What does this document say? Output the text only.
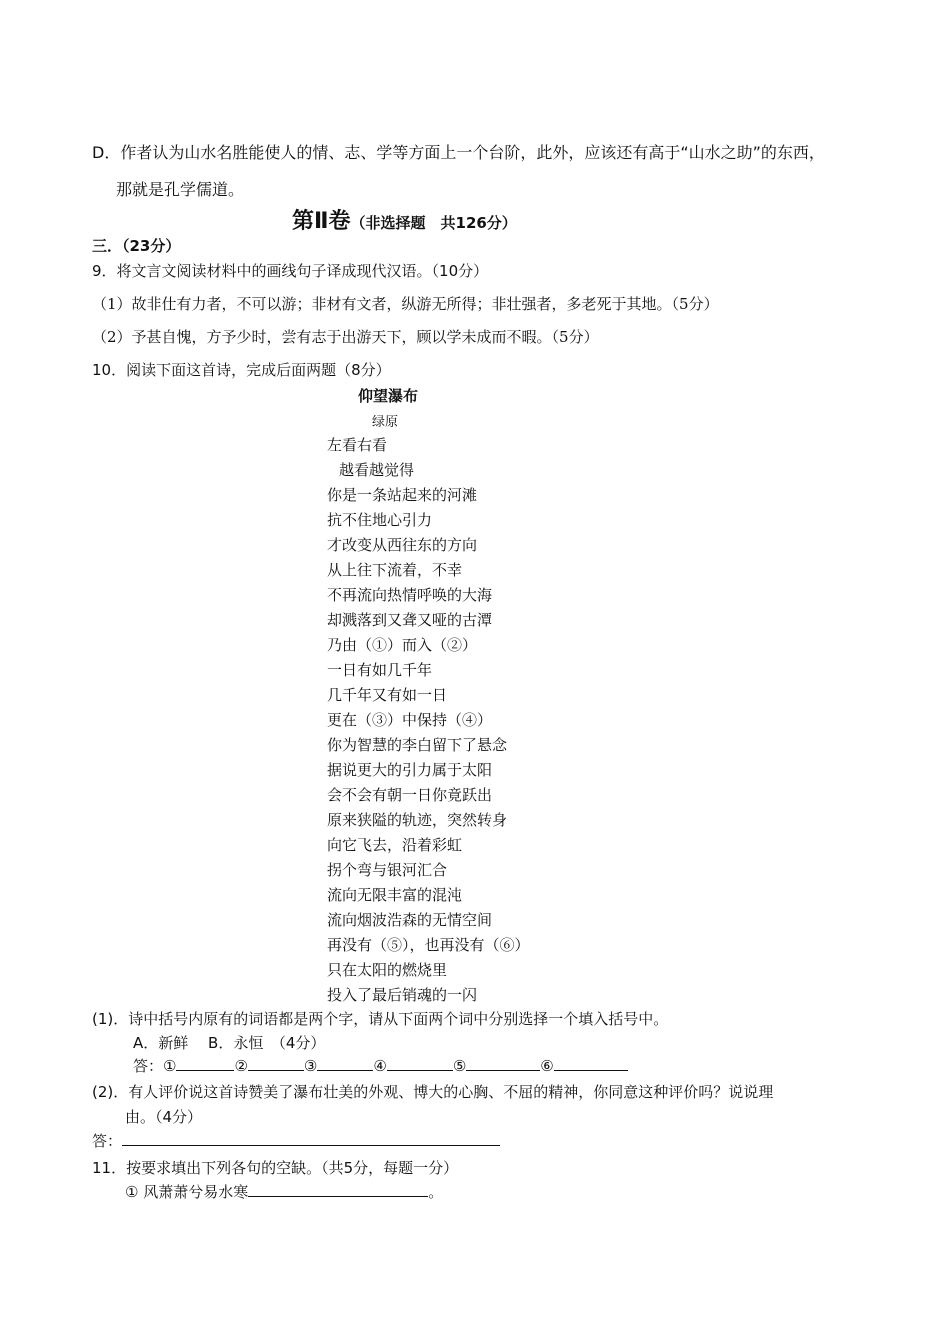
D．作者认为山水名胜能使人的情、志、学等方面上一个台阶，此外，应该还有高于“山水之助”的东西，
那就是孔学儒道。
第Ⅱ卷（非选择题　共126分）
三．（23分）
9．将文言文阅读材料中的画线句子译成现代汉语。（10分）
（1）故非仕有力者，不可以游；非材有文者，纵游无所得；非壮强者，多老死于其地。（5分）
（2）予甚自愧，方予少时，尝有志于出游天下，顾以学未成而不暇。（5分）
10．阅读下面这首诗，完成后面两题（8分）
仰望瀑布
绿原
左看右看
越看越觉得
你是一条站起来的河滩
抗不住地心引力
才改变从西往东的方向
从上往下流着，不幸
不再流向热情呼唤的大海
却溅落到又聋又哑的古潭
乃由（①）而入（②）
一日有如几千年
几千年又有如一日
更在（③）中保持（④）
你为智慧的李白留下了悬念
据说更大的引力属于太阳
会不会有朝一日你竟跃出
原来狭隘的轨迹，突然转身
向它飞去，沿着彩虹
拐个弯与银河汇合
流向无限丰富的混沌
流向烟波浩森的无情空间
再没有（⑤），也再没有（⑥）
只在太阳的燃烧里
投入了最后销魂的一闪
(1)．诗中括号内原有的词语都是两个字，请从下面两个词中分别选择一个填入括号中。
A．新鲜　 B．永恒　（4分）
答：①	②	③	④	⑤	⑥
(2)．有人评价说这首诗赞美了瀑布壮美的外观、博大的心胸、不屈的精神，你同意这种评价吗？说说理
由。（4分）
答：
11．按要求填出下列各句的空缺。（共5分，每题一分）
① 风萧萧兮易水寒	。
